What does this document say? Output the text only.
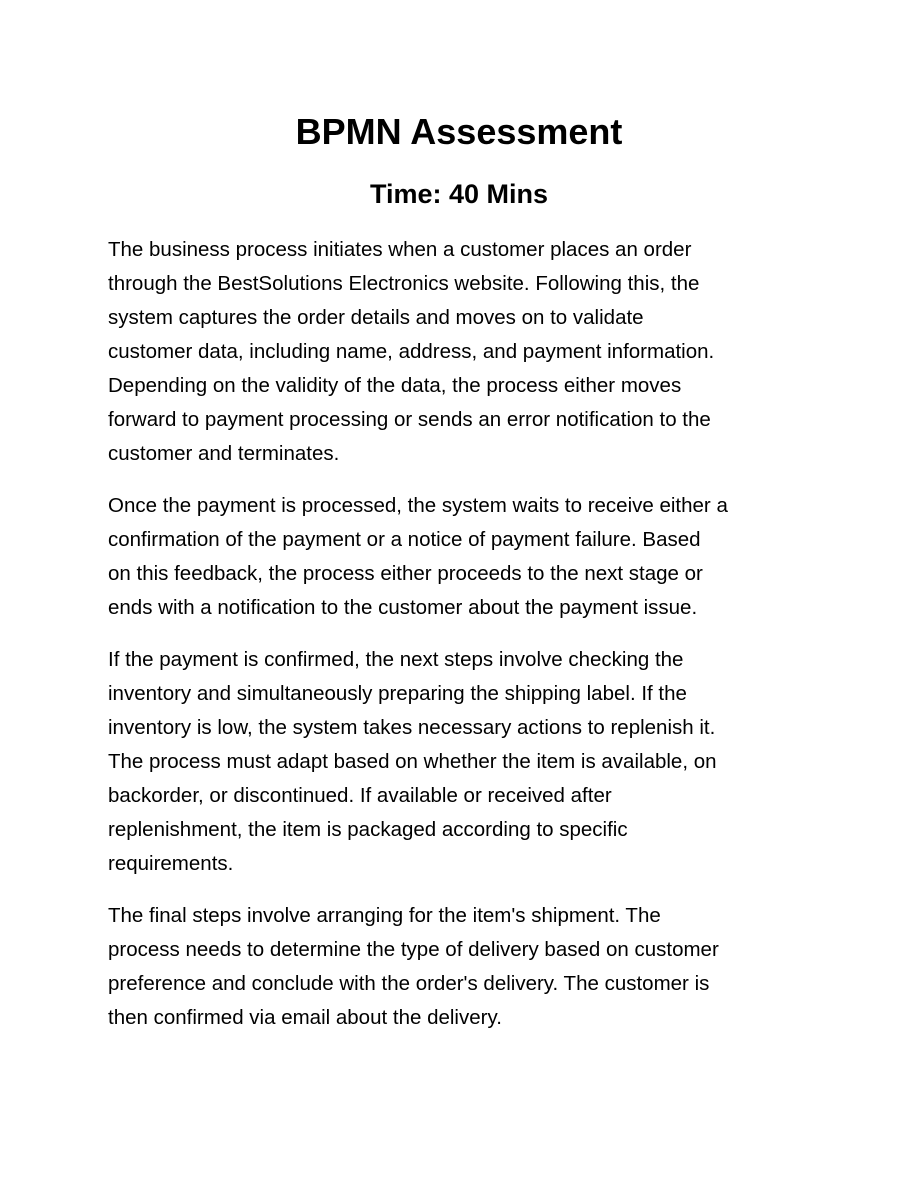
BPMN Assessment
Time: 40 Mins

The business process initiates when a customer places an order
through the BestSolutions Electronics website. Following this, the
system captures the order details and moves on to validate
customer data, including name, address, and payment information.
Depending on the validity of the data, the process either moves
forward to payment processing or sends an error notification to the
customer and terminates.

Once the payment is processed, the system waits to receive either a
confirmation of the payment or a notice of payment failure. Based
on this feedback, the process either proceeds to the next stage or
ends with a notification to the customer about the payment issue.

If the payment is confirmed, the next steps involve checking the
inventory and simultaneously preparing the shipping label. If the
inventory is low, the system takes necessary actions to replenish it.
The process must adapt based on whether the item is available, on
backorder, or discontinued. If available or received after
replenishment, the item is packaged according to specific
requirements.

The final steps involve arranging for the item's shipment. The
process needs to determine the type of delivery based on customer
preference and conclude with the order's delivery. The customer is
then confirmed via email about the delivery.
